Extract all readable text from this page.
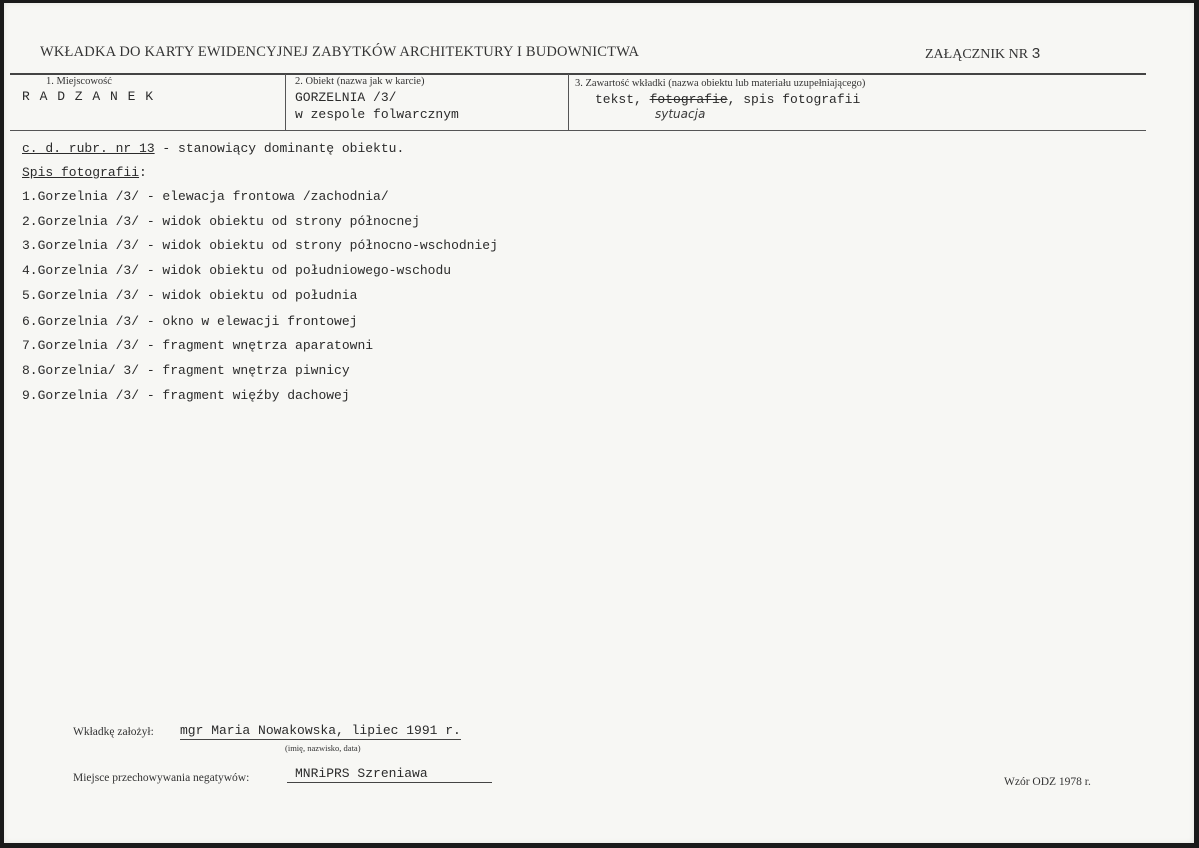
WKŁADKA DO KARTY EWIDENCYJNEJ ZABYTKÓW ARCHITEKTURY I BUDOWNICTWA	ZAŁĄCZNIK NR 3
1. Miejscowość
R A D Z A N E K
2. Obiekt (nazwa jak w karcie)
GORZELNIA /3/
w zespole folwarcznym
3. Zawartość wkładki (nazwa obiektu lub materiału uzupełniającego)
tekst, fotografie, spis fotografii
sytuacja
c. d. rubr. nr 13 - stanowiący dominantę obiektu.
Spis fotografii:
1.Gorzelnia /3/ - elewacja frontowa /zachodnia/
2.Gorzelnia /3/ - widok obiektu od strony północnej
3.Gorzelnia /3/ - widok obiektu od strony północno-wschodniej
4.Gorzelnia /3/ - widok obiektu od południowego-wschodu
5.Gorzelnia /3/ - widok obiektu od południa
6.Gorzelnia /3/ - okno w elewacji frontowej
7.Gorzelnia /3/ - fragment wnętrza aparatowni
8.Gorzelnia/ 3/ - fragment wnętrza piwnicy
9.Gorzelnia /3/ - fragment więźby dachowej
Wkładkę założył: mgr Maria Nowakowska, lipiec 1991 r.
(imię, nazwisko, data)
Miejsce przechowywania negatywów:	MNRiPRS Szreniawa
Wzór ODZ 1978 r.
